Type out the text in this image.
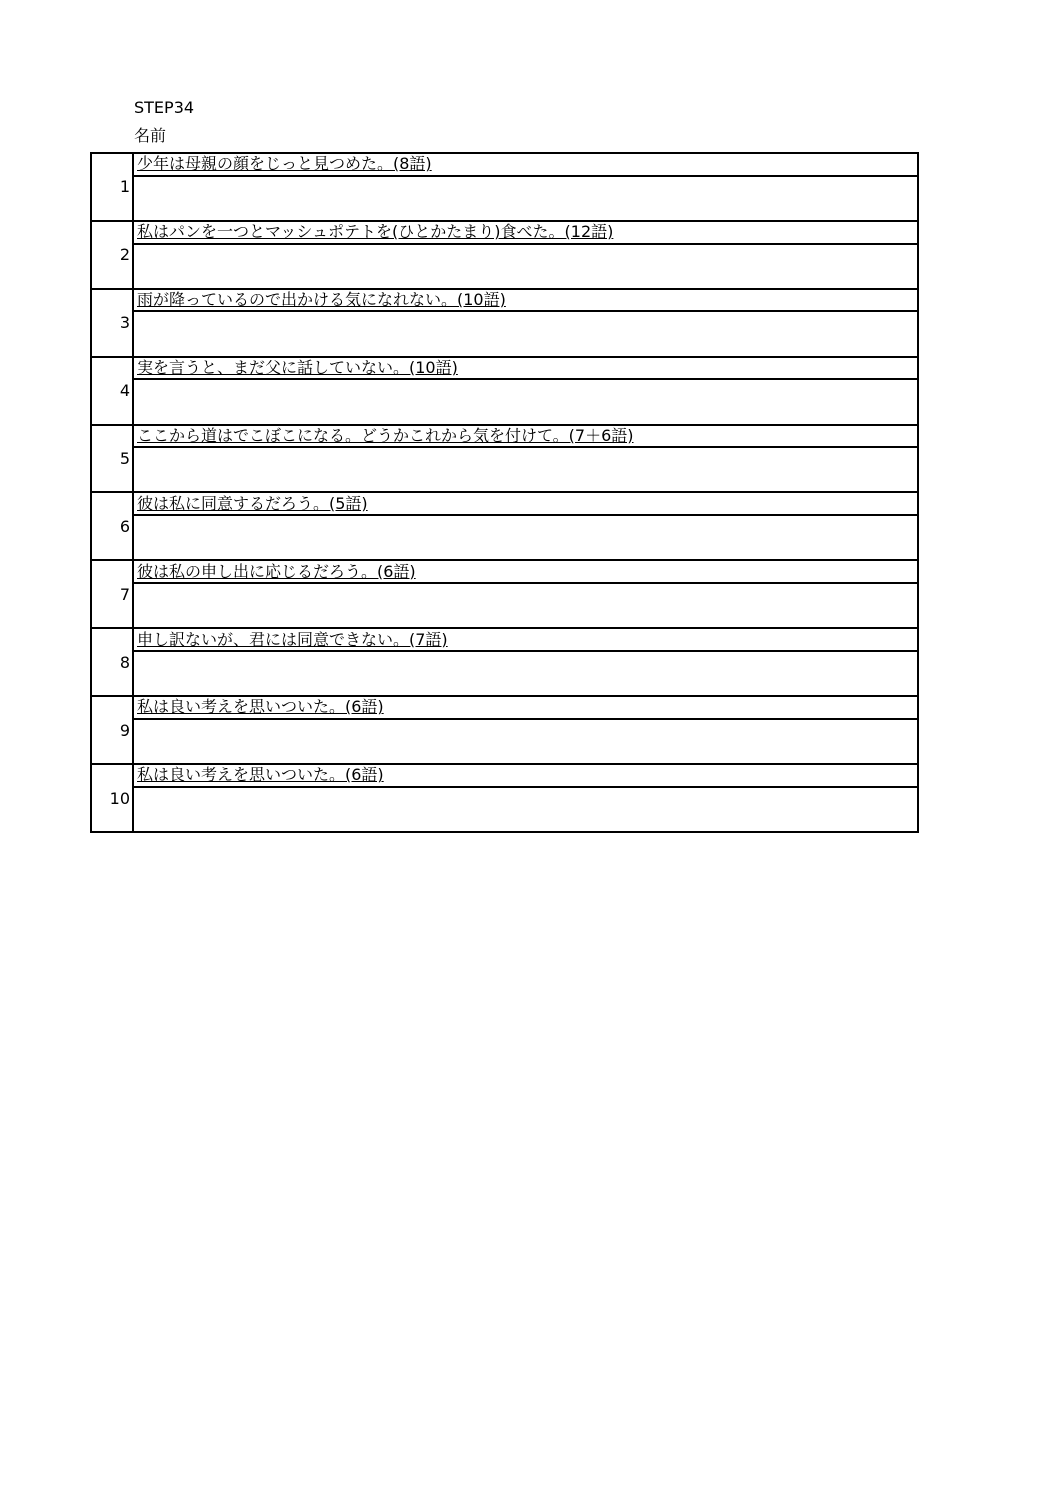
STEP34
名前
1	少年は母親の顔をじっと見つめた。(8語)

2	私はパンを一つとマッシュポテトを(ひとかたまり)食べた。(12語)

3	雨が降っているので出かける気になれない。(10語)

4	実を言うと、まだ父に話していない。(10語)

5	ここから道はでこぼこになる。どうかこれから気を付けて。(7＋6語)

6	彼は私に同意するだろう。(5語)

7	彼は私の申し出に応じるだろう。(6語)

8	申し訳ないが、君には同意できない。(7語)

9	私は良い考えを思いついた。(6語)

10	私は良い考えを思いついた。(6語)
